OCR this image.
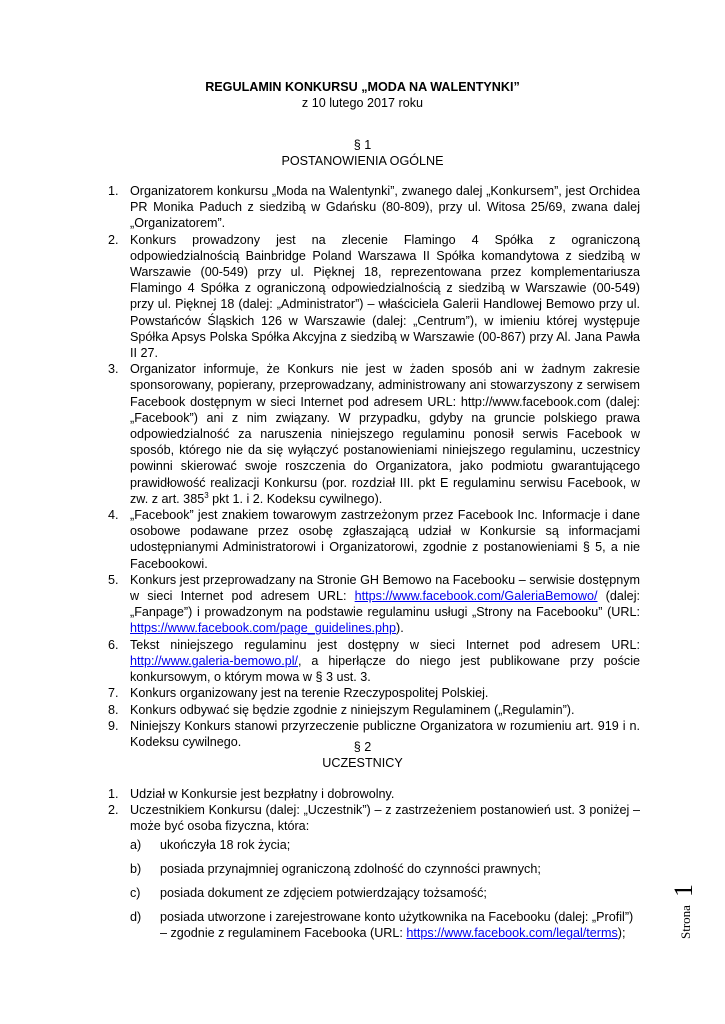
REGULAMIN KONKURSU „MODA NA WALENTYNKI”
z 10 lutego 2017 roku
§ 1
POSTANOWIENIA OGÓLNE
1. Organizatorem konkursu „Moda na Walentynki”, zwanego dalej „Konkursem”, jest Orchidea PR Monika Paduch z siedzibą w Gdańsku (80-809), przy ul. Witosa 25/69, zwana dalej „Organizatorem”.
2. Konkurs prowadzony jest na zlecenie Flamingo 4 Spółka z ograniczoną odpowiedzialnością Bainbridge Poland Warszawa II Spółka komandytowa z siedzibą w Warszawie (00-549) przy ul. Pięknej 18, reprezentowana przez komplementariusza Flamingo 4 Spółka z ograniczoną odpowiedzialnością z siedzibą w Warszawie (00-549) przy ul. Pięknej 18 (dalej: „Administrator”) – właściciela Galerii Handlowej Bemowo przy ul. Powstańców Śląskich 126 w Warszawie (dalej: „Centrum”), w imieniu której występuje Spółka Apsys Polska Spółka Akcyjna z siedzibą w Warszawie (00-867) przy Al. Jana Pawła II 27.
3. Organizator informuje, że Konkurs nie jest w żaden sposób ani w żadnym zakresie sponsorowany, popierany, przeprowadzany, administrowany ani stowarzyszony z serwisem Facebook dostępnym w sieci Internet pod adresem URL: http://www.facebook.com (dalej: „Facebook”) ani z nim związany. W przypadku, gdyby na gruncie polskiego prawa odpowiedzialność za naruszenia niniejszego regulaminu ponosił serwis Facebook w sposób, którego nie da się wyłączyć postanowieniami niniejszego regulaminu, uczestnicy powinni skierować swoje roszczenia do Organizatora, jako podmiotu gwarantującego prawidłowość realizacji Konkursu (por. rozdział III. pkt E regulaminu serwisu Facebook, w zw. z art. $385^3$ pkt 1. i 2. Kodeksu cywilnego).
4. „Facebook” jest znakiem towarowym zastrzeżonym przez Facebook Inc. Informacje i dane osobowe podawane przez osobę zgłaszającą udział w Konkursie są informacjami udostępnianymi Administratorowi i Organizatorowi, zgodnie z postanowieniami § 5, a nie Facebookowi.
5. Konkurs jest przeprowadzany na Stronie GH Bemowo na Facebooku – serwisie dostępnym w sieci Internet pod adresem URL: https://www.facebook.com/GaleriaBemowo/ (dalej: „Fanpage”) i prowadzonym na podstawie regulaminu usługi „Strony na Facebooku” (URL: https://www.facebook.com/page_guidelines.php).
6. Tekst niniejszego regulaminu jest dostępny w sieci Internet pod adresem URL: http://www.galeria-bemowo.pl/, a hiperłącze do niego jest publikowane przy poście konkursowym, o którym mowa w § 3 ust. 3.
7. Konkurs organizowany jest na terenie Rzeczypospolitej Polskiej.
8. Konkurs odbywać się będzie zgodnie z niniejszym Regulaminem („Regulamin”).
9. Niniejszy Konkurs stanowi przyrzeczenie publiczne Organizatora w rozumieniu art. 919 i n. Kodeksu cywilnego.	§ 2
UCZESTNICY
1. Udział w Konkursie jest bezpłatny i dobrowolny.
2. Uczestnikiem Konkursu (dalej: „Uczestnik”) – z zastrzeżeniem postanowień ust. 3 poniżej – może być osoba fizyczna, która:
a) ukończyła 18 rok życia;
b) posiada przynajmniej ograniczoną zdolność do czynności prawnych;
c) posiada dokument ze zdjęciem potwierdzający tożsamość;
d) posiada utworzone i zarejestrowane konto użytkownika na Facebooku (dalej: „Profil”) – zgodnie z regulaminem Facebooka (URL: https://www.facebook.com/legal/terms);	Strona
1
